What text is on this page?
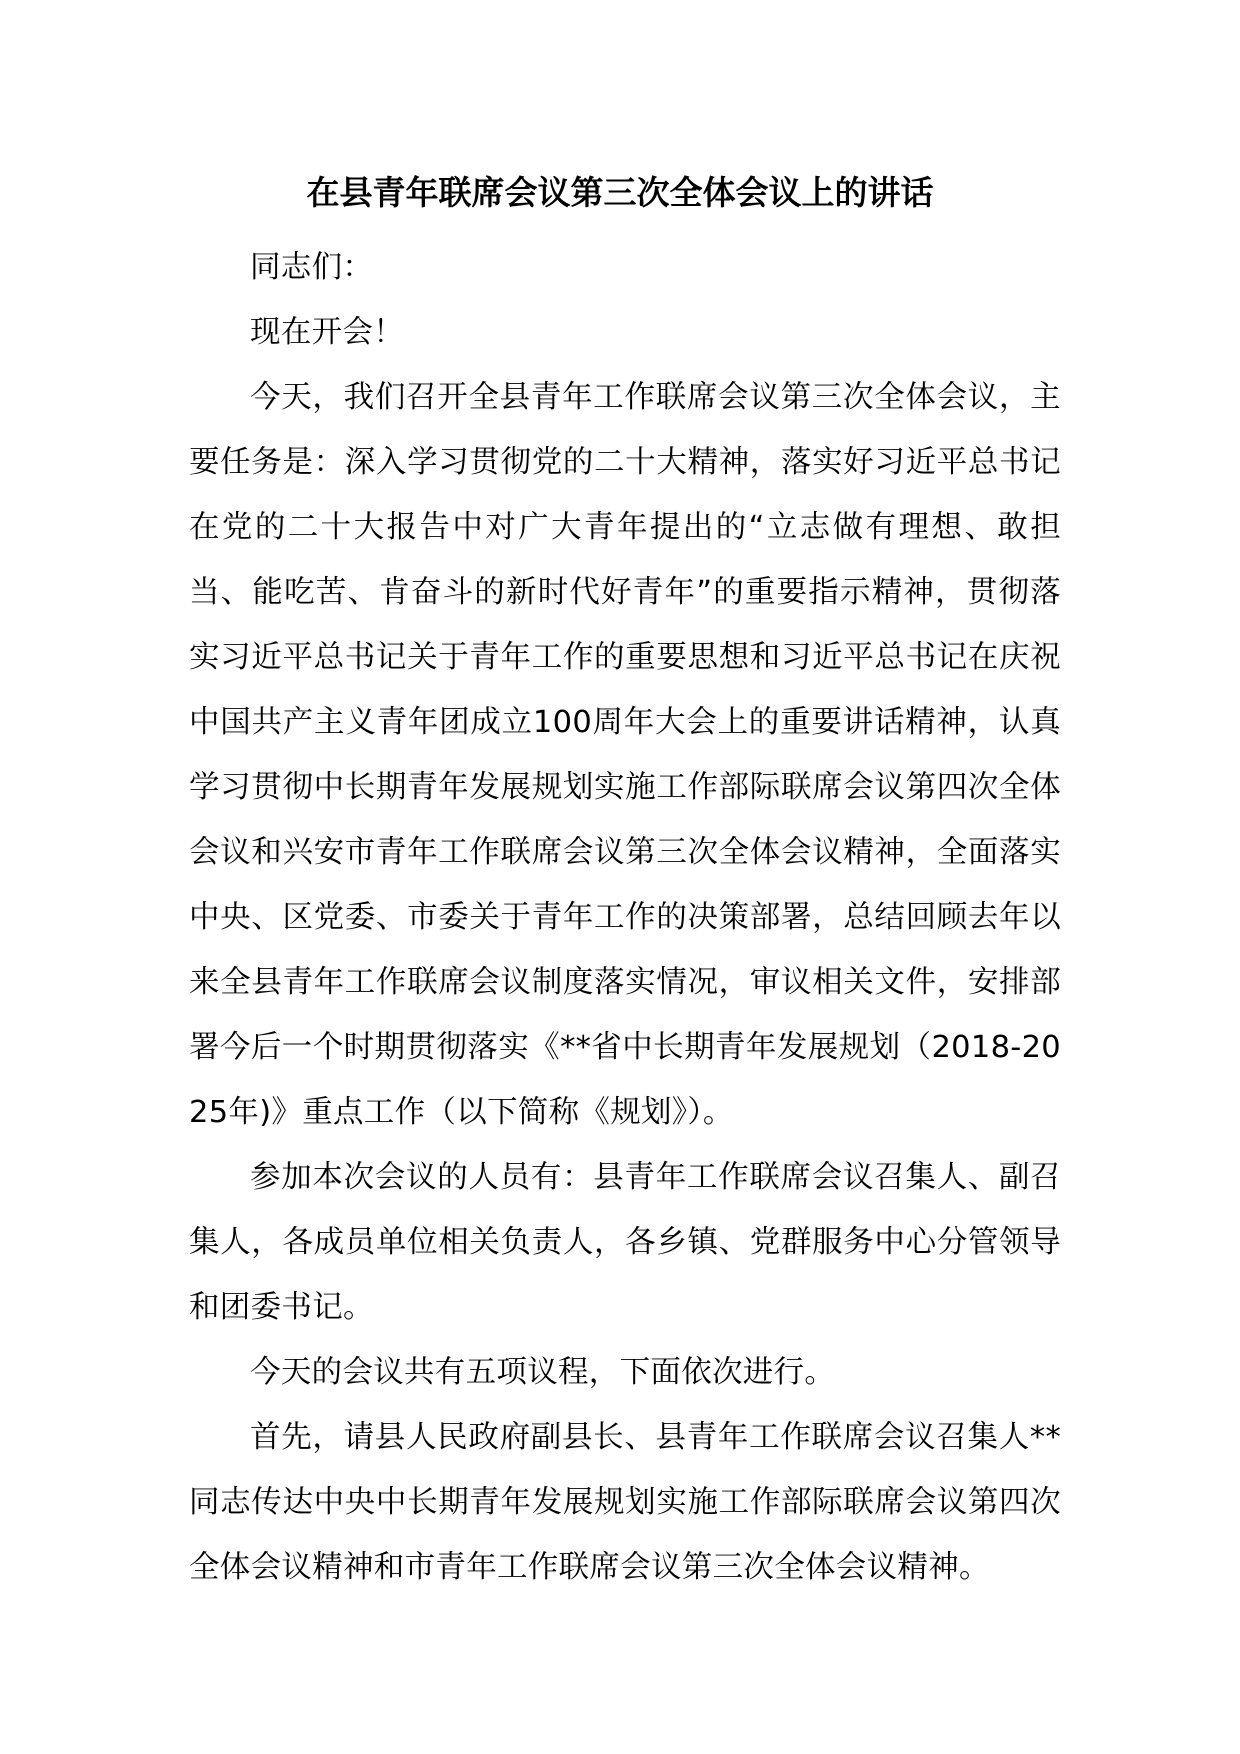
在县青年联席会议第三次全体会议上的讲话

同志们：

现在开会！

今天，我们召开全县青年工作联席会议第三次全体会议，主要任务是：深入学习贯彻党的二十大精神，落实好习近平总书记在党的二十大报告中对广大青年提出的“立志做有理想、敢担当、能吃苦、肯奋斗的新时代好青年”的重要指示精神，贯彻落实习近平总书记关于青年工作的重要思想和习近平总书记在庆祝中国共产主义青年团成立100周年大会上的重要讲话精神，认真学习贯彻中长期青年发展规划实施工作部际联席会议第四次全体会议和兴安市青年工作联席会议第三次全体会议精神，全面落实中央、区党委、市委关于青年工作的决策部署，总结回顾去年以来全县青年工作联席会议制度落实情况，审议相关文件，安排部署今后一个时期贯彻落实《**省中长期青年发展规划（2018-2025年)》重点工作（以下简称《规划》）。

参加本次会议的人员有：县青年工作联席会议召集人、副召集人，各成员单位相关负责人，各乡镇、党群服务中心分管领导和团委书记。

今天的会议共有五项议程，下面依次进行。

首先，请县人民政府副县长、县青年工作联席会议召集人**同志传达中央中长期青年发展规划实施工作部际联席会议第四次全体会议精神和市青年工作联席会议第三次全体会议精神。
